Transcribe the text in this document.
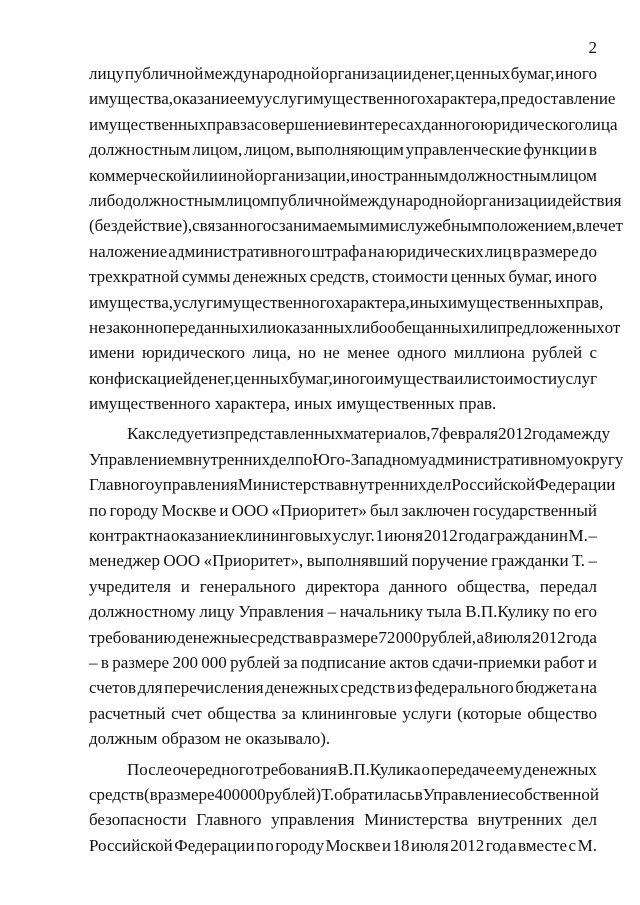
2
лицу публичной международной организации денег, ценных бумаг, иного
имущества, оказание ему услуг имущественного характера, предоставление
имущественных прав за совершение в интересах данного юридического лица
должностным лицом, лицом, выполняющим управленческие функции в
коммерческой или иной организации, иностранным должностным лицом
либо должностным лицом публичной международной организации действия
(бездействие), связанного с занимаемым ими служебным положением, влечет
наложение административного штрафа на юридических лиц в размере до
трехкратной суммы денежных средств, стоимости ценных бумаг, иного
имущества, услуг имущественного характера, иных имущественных прав,
незаконно переданных или оказанных либо обещанных или предложенных от
имени юридического лица, но не менее одного миллиона рублей с
конфискацией денег, ценных бумаг, иного имущества или стоимости услуг
имущественного характера, иных имущественных прав.
Как следует из представленных материалов, 7 февраля 2012 года между
Управлением внутренних дел по Юго-Западному административному округу
Главного управления Министерства внутренних дел Российской Федерации
по городу Москве и ООО «Приоритет» был заключен государственный
контракт на оказание клининговых услуг. 1 июня 2012 года гражданин М. –
менеджер ООО «Приоритет», выполнявший поручение гражданки Т. –
учредителя и генерального директора данного общества, передал
должностному лицу Управления – начальнику тыла В.П.Кулику по его
требованию денежные средства в размере 72 000 рублей, а 8 июля 2012 года
– в размере 200 000 рублей за подписание актов сдачи-приемки работ и
счетов для перечисления денежных средств из федерального бюджета на
расчетный счет общества за клининговые услуги (которые общество
должным образом не оказывало).
После очередного требования В.П.Кулика о передаче ему денежных
средств (в размере 400 000 рублей) Т. обратилась в Управление собственной
безопасности Главного управления Министерства внутренних дел
Российской Федерации по городу Москве и 18 июля 2012 года вместе с М.
